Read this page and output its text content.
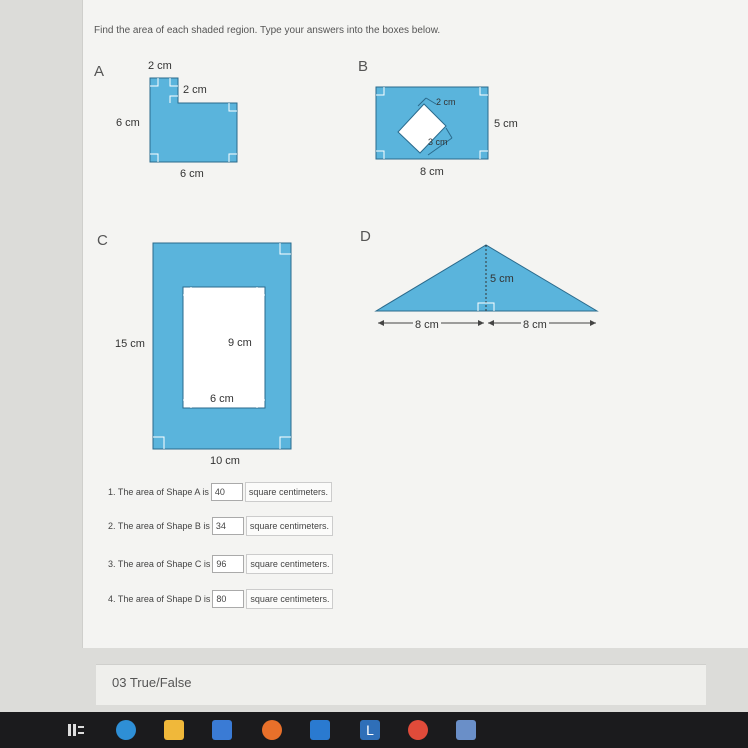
Find the area of each shaded region. Type your answers into the boxes below.
A	2 cm
2 cm
6 cm
6 cm
B
2 cm
3 cm
5 cm
8 cm
C
15 cm	9 cm
6 cm
10 cm
D
5 cm
8 cm	8 cm
1. The area of Shape A is 40	square centimeters.
2. The area of Shape B is 34	square centimeters.
3. The area of Shape C is 96	square centimeters.
4. The area of Shape D is 80	square centimeters.
03 True/False
L
